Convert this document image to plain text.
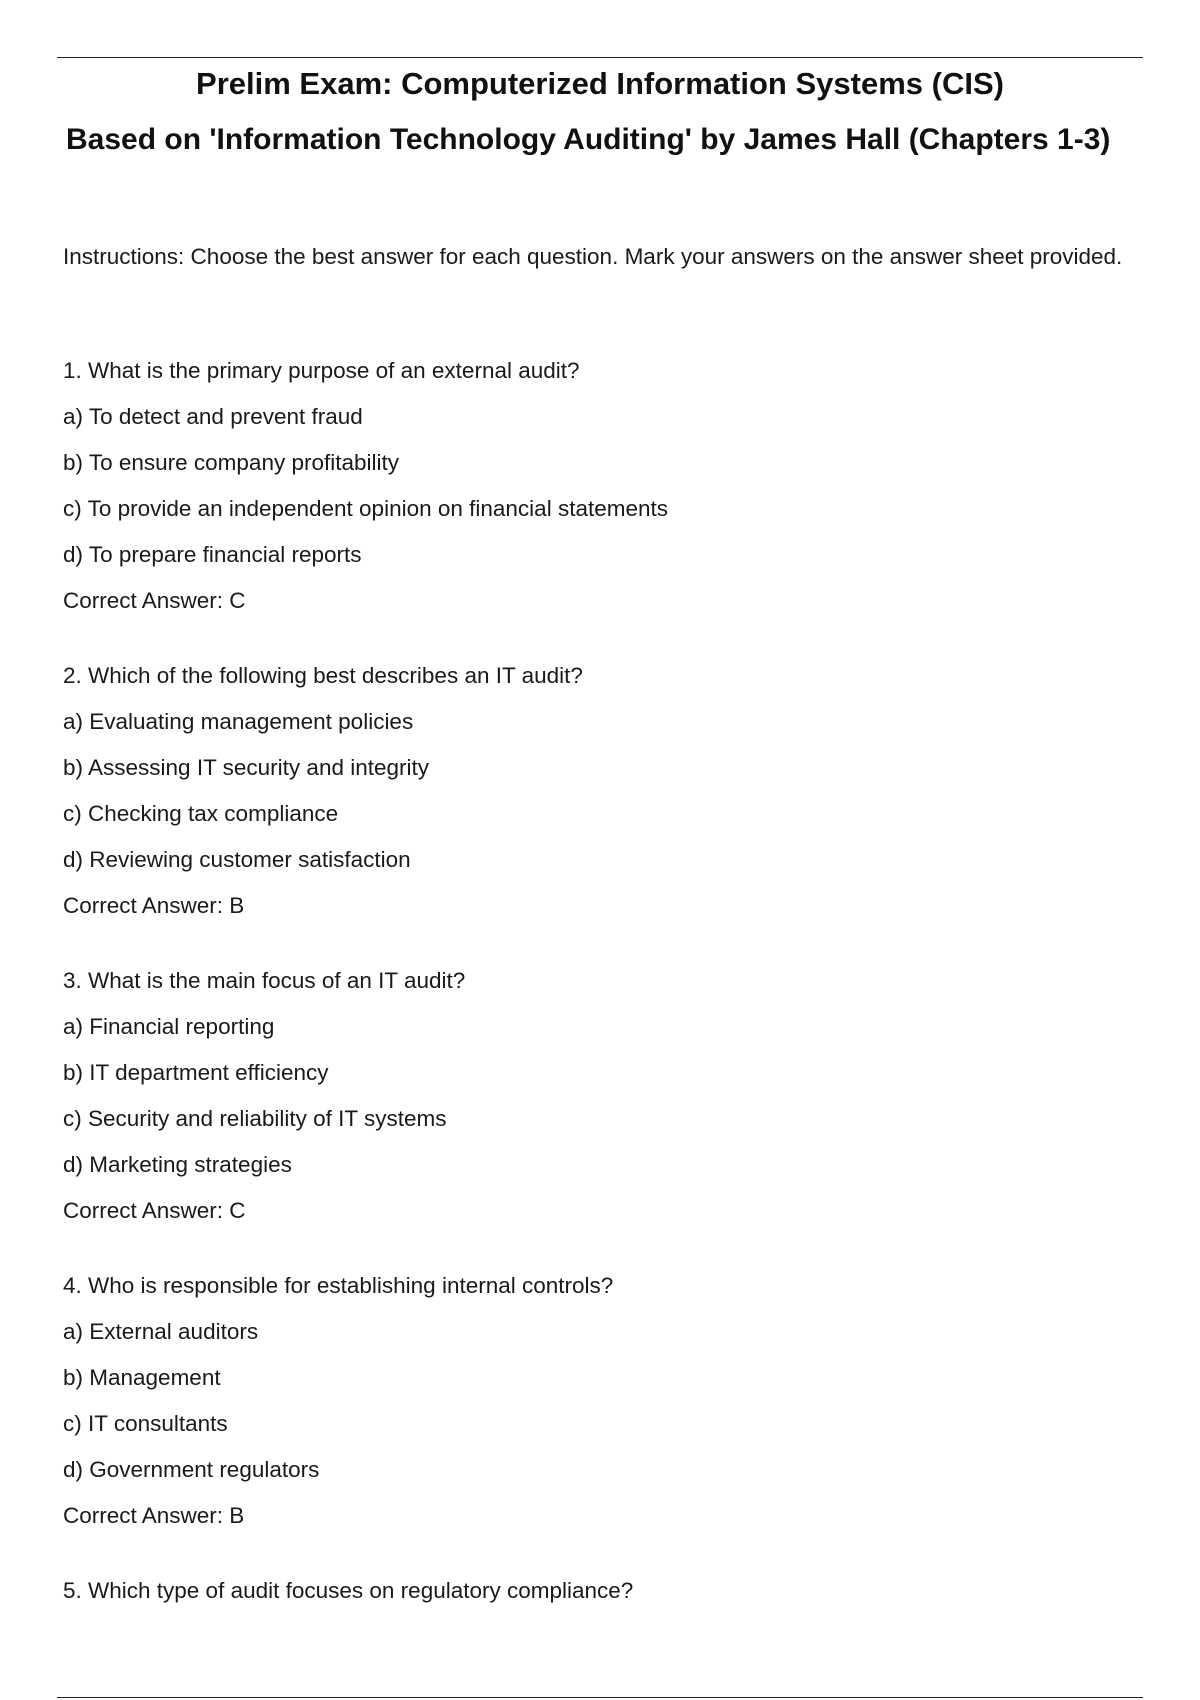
Prelim Exam: Computerized Information Systems (CIS)
Based on 'Information Technology Auditing' by James Hall (Chapters 1-3)
Instructions: Choose the best answer for each question. Mark your answers on the answer sheet provided.
1. What is the primary purpose of an external audit?
a) To detect and prevent fraud
b) To ensure company profitability
c) To provide an independent opinion on financial statements
d) To prepare financial reports
Correct Answer: C
2. Which of the following best describes an IT audit?
a) Evaluating management policies
b) Assessing IT security and integrity
c) Checking tax compliance
d) Reviewing customer satisfaction
Correct Answer: B
3. What is the main focus of an IT audit?
a) Financial reporting
b) IT department efficiency
c) Security and reliability of IT systems
d) Marketing strategies
Correct Answer: C
4. Who is responsible for establishing internal controls?
a) External auditors
b) Management
c) IT consultants
d) Government regulators
Correct Answer: B
5. Which type of audit focuses on regulatory compliance?
